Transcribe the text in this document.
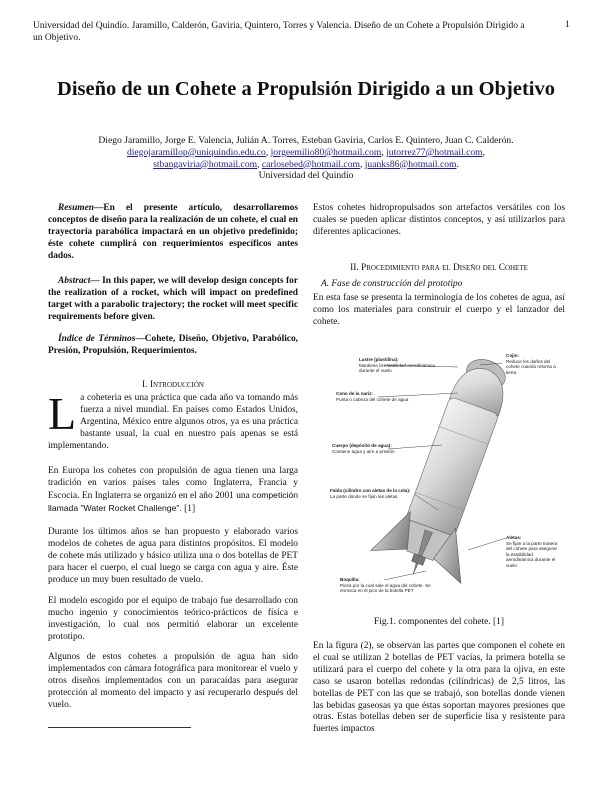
Universidad del Quindío. Jaramillo, Calderón, Gaviria, Quintero, Torres y Valencia. Diseño de un Cohete a Propulsión Dirigido a un Objetivo.
1
Diseño de un Cohete a Propulsión Dirigido a un Objetivo
Diego Jaramillo, Jorge E. Valencia, Julián A. Torres, Esteban Gaviria, Carlos E. Quintero, Juan C. Calderón.
diegojaramillop@uniquindio.edu.co, jorgeemilio80@hotmail.com, jutorrez77@hotmail.com,
stbangaviria@hotmail.com, carlosebed@hotmail.com, juanks86@hotmail.com.
Universidad del Quindío
Resumen—En el presente artículo, desarrollaremos conceptos de diseño para la realización de un cohete, el cual en trayectoria parabólica impactará en un objetivo predefinido; éste cohete cumplirá con requerimientos específicos antes dados.
Abstract— In this paper, we will develop design concepts for the realization of a rocket, which will impact on predefined target with a parabolic trajectory; the rocket will meet specific requirements before given.
Índice de Términos—Cohete, Diseño, Objetivo, Parabólico, Presión, Propulsión, Requerimientos.
I. Introducción
La coheteria es una práctica que cada año va tomando más fuerza a nivel mundial. En países como Estados Unidos, Argentina, México entre algunos otros, ya es una práctica bastante usual, la cual en nuestro país apenas se está implementando.
En Europa los cohetes con propulsión de agua tienen una larga tradición en varios países tales como Inglaterra, Francia y Escocia. En Inglaterra se organizó en el año 2001 una competición llamada "Water Rocket Challenge". [1]
Durante los últimos años se han propuesto y elaborado varios modelos de cohetes de agua para distintos propósitos. El modelo de cohete más utilizado y básico utiliza una o dos botellas de PET para hacer el cuerpo, el cual luego se carga con agua y aire. Éste produce un muy buen resultado de vuelo.
El modelo escogido por el equipo de trabajo fue desarrollado con mucho ingenio y conocimientos teórico-prácticos de física e investigación, lo cual nos permitió elaborar un excelente prototipo.
Algunos de estos cohetes a propulsión de agua han sido implementados con cámara fotográfica para monitorear el vuelo y otros diseños implementados con un paracaídas para asegurar protección al momento del impacto y así recuperarlo después del vuelo.
Estos cohetes hidropropulsados son artefactos versátiles con los cuales se pueden aplicar distintos conceptos, y así utilizarlos para diferentes aplicaciones.
II. Procedimiento para el Diseño del Cohete
A. Fase de construcción del prototipo
En esta fase se presenta la terminología de los cohetes de agua, así como los materiales para construir el cuerpo y el lanzador del cohete.
Lastre (plastilina):
Mantiene la estabilidad aerodinámica durante el vuelo
Cojin:
Reduce los daños del cohete cuando retorna a tierra
Cono de la nariz:
Punta o cabeza del cohete de agua
Cuerpo (depósito de agua):
Contiene agua y aire a presión
Falda (cilindro con aletas de la cola):
La parte donde se fijan las aletas
Aletas:
Se fijan a la parte trasera del cohete para asegurar la estabilidad aerodinámica durante el vuelo
Boquilla:
Pieza por la cual sale el agua del cohete. Se enrosca en el pico de la botella PET
Fig.1. componentes del cohete. [1]
En la figura (2), se observan las partes que componen el cohete en el cual se utilizan 2 botellas de PET vacías, la primera botella se utilizará para el cuerpo del cohete y la otra para la ojiva, en este caso se usaron botellas redondas (cilíndricas) de 2,5 litros, las botellas de PET con las que se trabajó, son botellas donde vienen las bebidas gaseosas ya que éstas soportan mayores presiones que otras. Estas botellas deben ser de superficie lisa y resistente para fuertes impactos
